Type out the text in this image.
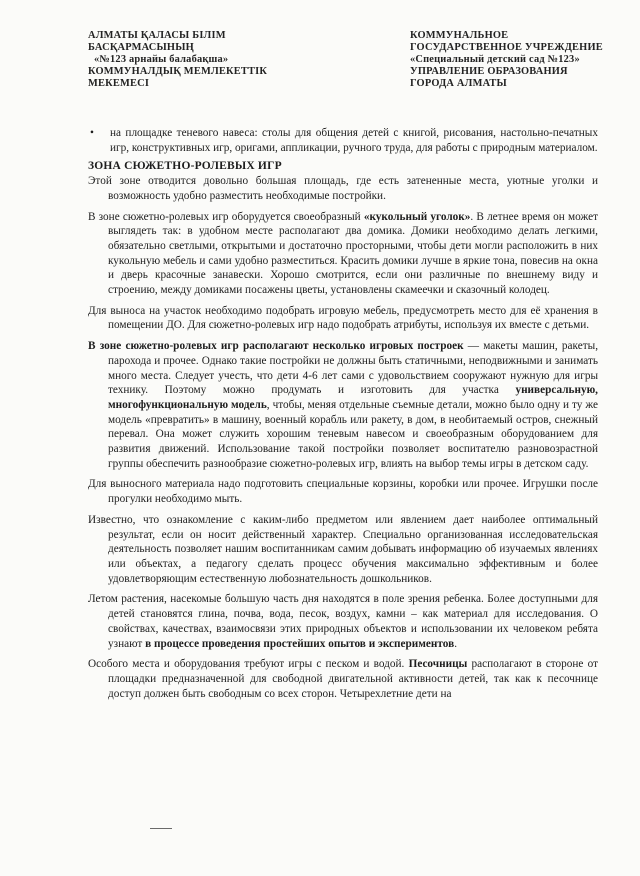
АЛМАТЫ ҚАЛАСЫ БІЛІМ
БАСҚАРМАСЫНЫҢ
«№123 арнайы балабақша»
КОММУНАЛДЫҚ МЕМЛЕКЕТТІК
МЕКЕМЕСІ
КОММУНАЛЬНОЕ
ГОСУДАРСТВЕННОЕ УЧРЕЖДЕНИЕ
«Специальный детский сад №123»
УПРАВЛЕНИЕ ОБРАЗОВАНИЯ
ГОРОДА АЛМАТЫ
•	на площадке теневого навеса: столы для общения детей с книгой, рисования, настольно-печатных игр, конструктивных игр, оригами, аппликации, ручного труда, для работы с природным материалом.
ЗОНА СЮЖЕТНО-РОЛЕВЫХ ИГР

Этой зоне отводится довольно большая площадь, где есть затененные места, уютные уголки и возможность удобно разместить необходимые постройки.

В зоне сюжетно-ролевых игр оборудуется своеобразный «кукольный уголок». В летнее время он может выглядеть так: в удобном месте располагают два домика. Домики необходимо делать легкими, обязательно светлыми, открытыми и достаточно просторными, чтобы дети могли расположить в них кукольную мебель и сами удобно разместиться. Красить домики лучше в яркие тона, повесив на окна и дверь красочные занавески. Хорошо смотрится, если они различные по внешнему виду и строению, между домиками посажены цветы, установлены скамеечки и сказочный колодец.

Для выноса на участок необходимо подобрать игровую мебель, предусмотреть место для её хранения в помещении ДО. Для сюжетно-ролевых игр надо подобрать атрибуты, используя их вместе с детьми.

В зоне сюжетно-ролевых игр располагают несколько игровых построек — макеты машин, ракеты, парохода и прочее. Однако такие постройки не должны быть статичными, неподвижными и занимать много места. Следует учесть, что дети 4-6 лет сами с удовольствием сооружают нужную для игры технику. Поэтому можно продумать и изготовить для участка универсальную, многофункциональную модель, чтобы, меняя отдельные съемные детали, можно было одну и ту же модель «превратить» в машину, военный корабль или ракету, в дом, в необитаемый остров, снежный перевал. Она может служить хорошим теневым навесом и своеобразным оборудованием для развития движений. Использование такой постройки позволяет воспитателю разновозрастной группы обеспечить разнообразие сюжетно-ролевых игр, влиять на выбор темы игры в детском саду.

Для выносного материала надо подготовить специальные корзины, коробки или прочее. Игрушки после прогулки необходимо мыть.

Известно, что ознакомление с каким-либо предметом или явлением дает наиболее оптимальный результат, если он носит действенный характер. Специально организованная исследовательская деятельность позволяет нашим воспитанникам самим добывать информацию об изучаемых явлениях или объектах, а педагогу сделать процесс обучения максимально эффективным и более удовлетворяющим естественную любознательность дошкольников.

Летом растения, насекомые большую часть дня находятся в поле зрения ребенка. Более доступными для детей становятся глина, почва, вода, песок, воздух, камни – как материал для исследования. О свойствах, качествах, взаимосвязи этих природных объектов и использовании их человеком ребята узнают в процессе проведения простейших опытов и экспериментов.

Особого места и оборудования требуют игры с песком и водой. Песочницы располагают в стороне от площадки предназначенной для свободной двигательной активности детей, так как к песочнице доступ должен быть свободным со всех сторон. Четырехлетние дети на
